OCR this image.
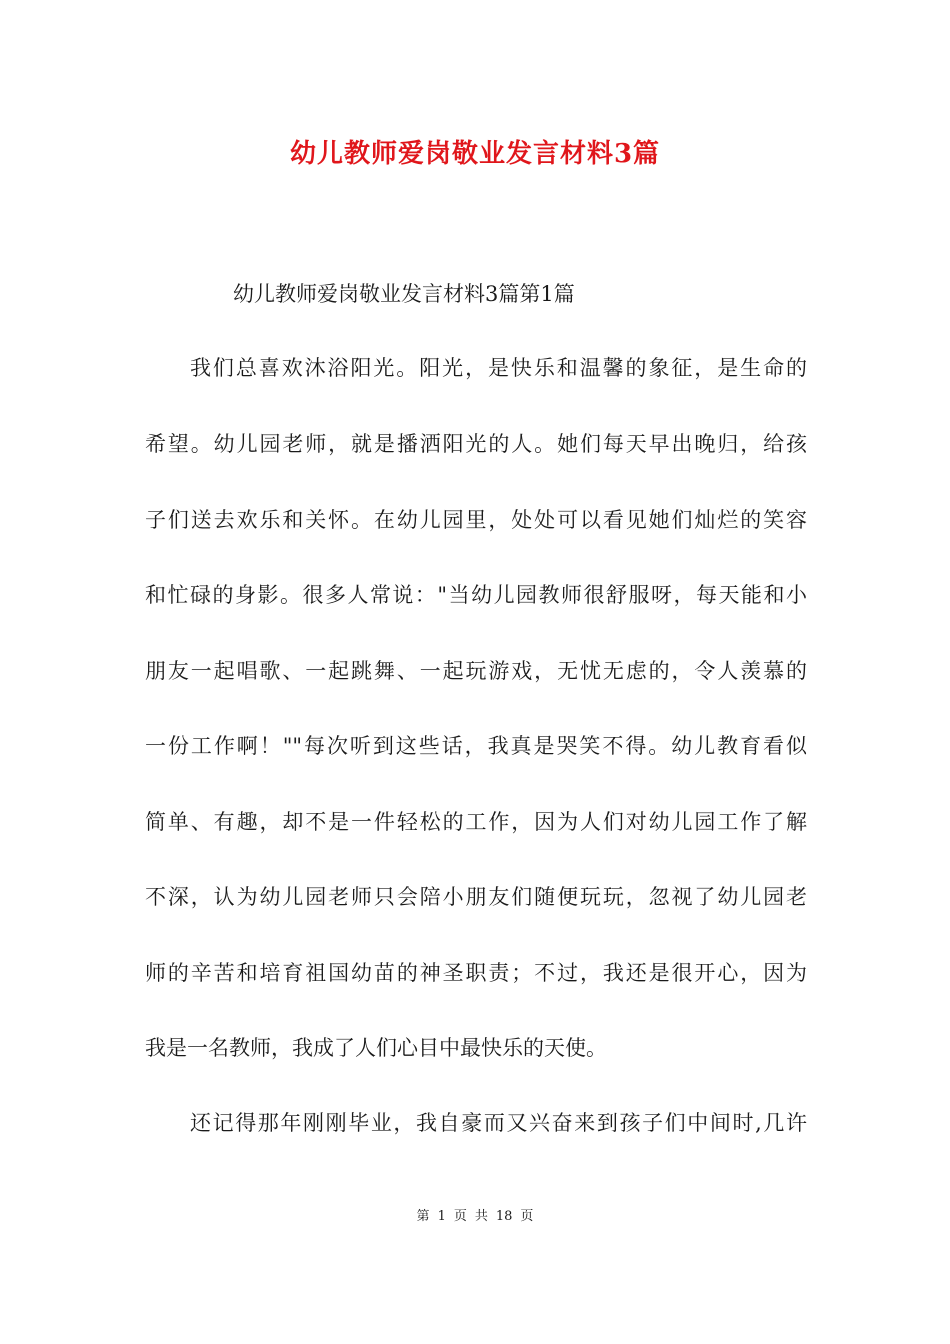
幼儿教师爱岗敬业发言材料3篇
幼儿教师爱岗敬业发言材料3篇第1篇
我们总喜欢沐浴阳光。阳光，是快乐和温馨的象征，是生命的
希望。幼儿园老师，就是播洒阳光的人。她们每天早出晚归，给孩
子们送去欢乐和关怀。在幼儿园里，处处可以看见她们灿烂的笑容
和忙碌的身影。很多人常说："当幼儿园教师很舒服呀，每天能和小
朋友一起唱歌、一起跳舞、一起玩游戏，无忧无虑的，令人羡慕的
一份工作啊！""每次听到这些话，我真是哭笑不得。幼儿教育看似
简单、有趣，却不是一件轻松的工作，因为人们对幼儿园工作了解
不深，认为幼儿园老师只会陪小朋友们随便玩玩，忽视了幼儿园老
师的辛苦和培育祖国幼苗的神圣职责；不过，我还是很开心，因为
我是一名教师，我成了人们心目中最快乐的天使。
还记得那年刚刚毕业，我自豪而又兴奋来到孩子们中间时,几许
第 1 页 共 18 页
